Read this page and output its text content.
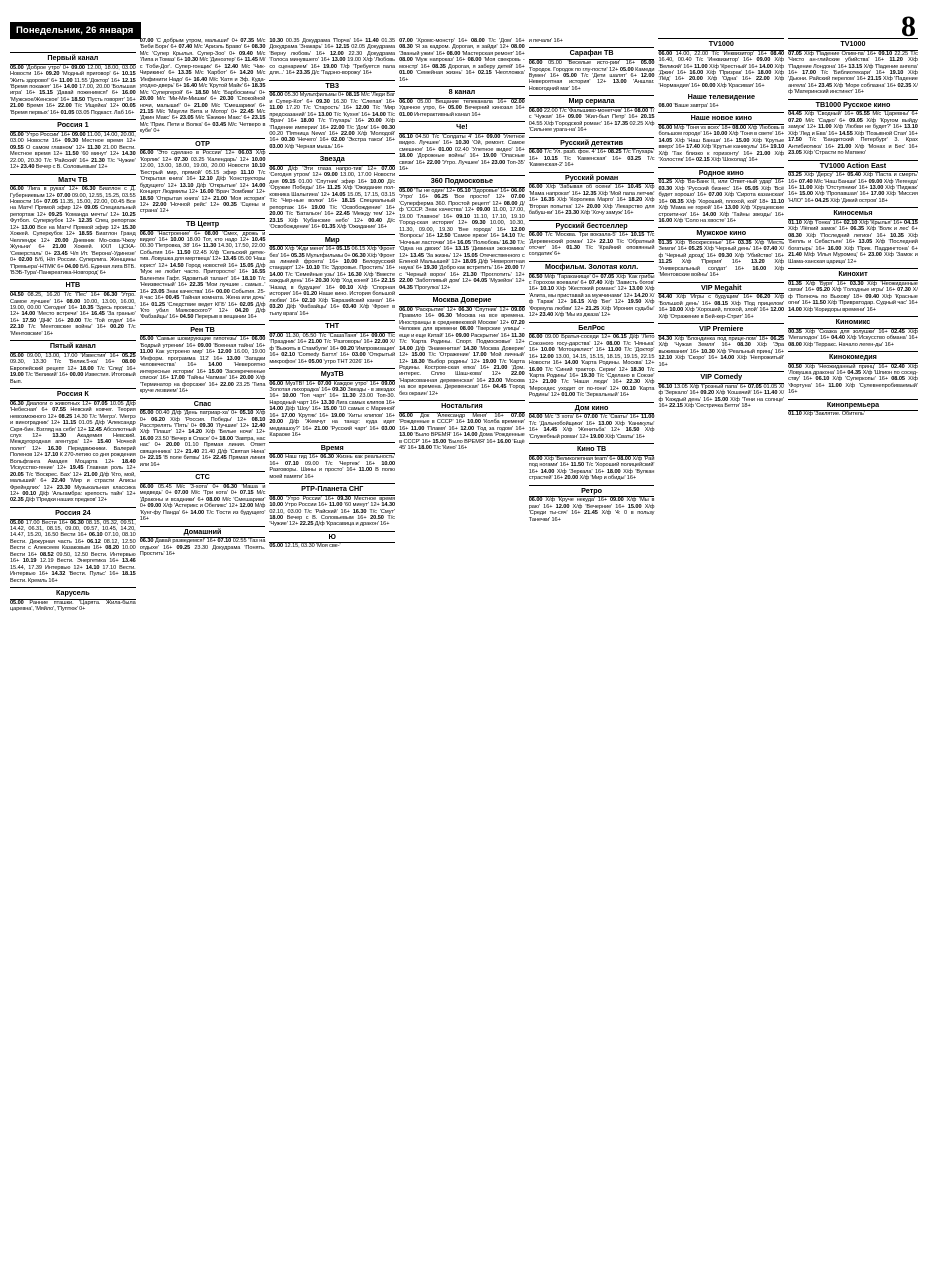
Понедельник, 26 января	8
Первый канал
05.00 'Доброе утро' 0+ 09.00 12.00, 18.00, 03.00 Новости 16+ 09.20 'Модный приговор' 6+ 10.15 'Жить здорово!' 6+ 11.00 11.55 'Доктор' 16+ 12.15 'Время покажет' 16+ 14.00 17.00, 20.00 'Большая игра' 16+ 15.15 'Давай поженимся!' 6+ 16.00 'Мужское/Женское' 16+ 18.50 'Пусть говорят' 16+ 21.00 Время 16+ 22.00 Т/с 'Ищейка' 12+ 00.05 'Время первых' 16+ 01.05 03.05 Подкаст. Лаб 16+
Россия 1
05.00 'Утро России' 16+ 09.00 11.00, 14.00, 20.00, 03.00 Новости 16+ 09.30 Местное время 12+ 09.55 О самом главном' 12+ 11.30 21.00 Вести. Местное время 12+ 11.50 '60 минут' 12+ 14.30 22.00, 20.30 Т/с 'Райский' 16+ 21.30 Т/с 'Чужие' 12+ 23.40 Вечер с В. Соловьевым' 12+
Матч ТВ
06.00 'Лига в руках' 12+ 06.30 Биатлон с Д. Губерниевым 12+ 07.00 09.00, 12.55, 15.25, 03.55 Новости 16+ 07.05 11.35, 15.00, 22.00, 00.45 Все на Матч! Прямой эфир 12+ 09.05 Специальный репортаж 12+ 09.25 'Команда мечты' 12+ 10.25 Футбол. Суперкубок 12+ 12.35 Спец репортаж 12+ 13.00 Все на Матч! Прямой эфир 12+ 15.30 Хоккей. Суперкубок 12+ 18.55 Биатлон Гранд Челлендж 12+ 20.00 Дневник Мо-сква-'Чжоу Жуньни' 6+ 21.00 Хоккей. КХЛ ЦСКА-'Северсталь' 0+ 23.45 Ч/п Ит. 'Верона'-Удинезе' 0+ 02.00 Б/б, Н/п России. Суперлига. Женщины 'Премьера'-НТМК' 6+ 04.00 Б/б. Единая лига ВТБ. 'ВЭБ-Тура'-Панкреатика-Новгород' 6+
НТВ
04.50 08.25, 16.20 Т/с 'Пес' 16+ 06.30 'Утро. Самое лучшее' 16+ 08.00 10.00, 13.00, 16.00, 19.00, 00.00 'Сегодня' 16+ 10.35 'Здесь происш.' 12+ 14.00 'Место встречи' 16+ 16.45 'За гранью' 16+ 17.50 'ДНК' 16+ 20.00 Т/с 'Той отдел' 16+ 22.10 Т/с 'Ментовские войны' 16+ 00.20 Т/с 'Ментовские' 16+
Пятый канал
05.00 09.00, 13.00, 17.00 'Известия' 16+ 05.25 09.30, 13.30 Т/с 'Велик.5-ка' 16+ 08.00 Европейский рецепт 12+ 18.00 Т/с 'След' 16+ 19.00 Т/с 'Великий' 16+ 00.00 Известия. Итоговый Вып.
Россия К
06.30 Диалоги о животных 12+ 07.05 10.05 Д/ф 'Небесная' 6+ 07.55 Невский ковчег. Теория невозможного 12+ 08.25 14.30 Т/с 'Мегрэ'. 'Мегрэ и виноградник' 12+ 11.15 01.05 Д/ф 'Александр Скря-бин. Взгляд на себя' 12+ 12.45 Абсолютный слух 12+ 13.30 Академия Невский. Междугородная агентура' 12+ 15.40 'Ночной полет' 12+ 16.30 Передвижники. Валерий Поленов 12+ 17.10 К 270-летию со дня рождения Вольфганга Амадея Моцарта 12+ 18.40 'Искусство-гение' 12+ 19.45 Главная роль 12+ 20.05 Т/с 'Воскрес. Бах' 12+ 21.00 Д/ф 'Кто, мой, малыший' 6+ 22.40 'Мир и страсти Алисы Фрейндлих' 12+ 23.30 Музыкальная классика 12+ 00.10 Д/ф 'Альгамбра: крепость тайн' 12+ 02.35 Д/ф 'Предки наших предков' 12+
Россия 24
05.00 17.00 Вести 16+ 06.30 08.15, 05.32, 09.51, 14.42, 06.31, 08.15, 09.00, 09.57, 10.45, 14.20, 14.47, 15.20, 16.50 Вести 16+ 06.10 07.10, 08.10 Вести. Дежурная часть 16+ 06.12 08.12, 12.50 Вести с Алексеем Казаковым 16+ 08.20 10.00 Вести 16+ 08.52 09.50, 12.50 Вести. Интервью 16+ 10.19 12.19 Вести. Энергетика 16+ 13.46 15.44, 17.39 Интервью 12+ 14.10 17.10 Вести. Интервью 16+ 14.32 'Вести. Пульс' 16+ 18.15 Вести. Кремль 16+
Карусель
05.00 Ранние пташки. 'Царята. Жила-была царевна', 'Мяйло', 'Пуптюк' 0+
07.00 'С добрым утром, малыши!' 0+ 07.35 М/с 'Беби Борн' 6+ 07.40 М/с 'Ариэль Браво' 6+ 08.30 М/с 'Супер Крылья. Супер-Зоо' 0+ 09.40 М/с 'Липа и Томаз' 6+ 10.30 М/с 'Динозтер' 6+ 11.45 М/с 'Гоби-Дог'. Супер-гонщик' 6+ 12.40 М/с 'Чик-Чирикино' 6+ 13.35 М/с 'Карбот' 6+ 14.20 М/с 'Инфинити Надо' 6+ 16.40 М/с 'Катя и Эф. Куда-угодно-дверь' 6+ 16.40 М/с 'Крутой Майк' 6+ 18.35 М/с 'Супергерой' 6+ 18.50 М/с 'Барбоскины' 0+ 20.00 М/с 'Ми-Ми-Мишки' 6+ 20.30 'Спокойной ночи, малыши!' 0+ 21.00 М/с 'Смешарики' 6+ 21.15 М/с 'Маугли Вита и Мотор' 0+ 22.45 М/с 'Джин Макс' 6+ 23.05 М/с 'Ёжикин Макс' 6+ 23.15 М/с 'Прик. Пети и Волка' 6+ 03.45 М/с 'Четверо в кубе' 0+
ОТР
06.00 'Это сделано в России' 12+ 06.03 Х/ф 'Корлик' 12+ 07.30 03.25 'Календарь' 12+ 10.00 12.00, 13.00, 18.00, 19.00, 20.00 Новости 10.10 'Бестрый мир, прямой' 05.15 эфир 11.10 Т/с 'Открытая книга' 16+ 12.10 Д/ф 'Конструкторы будущего' 12+ 13.10 Д/ф 'Открытые' 12+ 14.00 Концерт Людмилы 12+ 16.00 'Врач 'Зомбики' 12+ 18.50 'Открытая книга' 12+ 21.00 'Моя история' 12+ 22.00 'Ночной рейс' 12+ 00.35 'Сцены и страна' 12+
ТВ Центр
06.00 'Настроение' 6+ 08.00 'Смех, дрожь и видео' 16+ 10.00 18.00 Тот, кто надо 12+ 10.45 00.30 'Петровка, 38' 16+ 11.30 14.30, 17.50, 22.00 События 16+ 11.50 02.45 Х/ф 'Сельский детек-тив. Ловушка для мертвеца' 12+ 13.45 05.00 'Наш юрист' 12+ 14.50 Город новостей 16+ 15.05 Д/ф 'Муж не любит часто. Приторостю' 16+ 16.55 Валентин Гафт. Ядовитый талант' 16+ 18.10 Т/с 'Неизвестный' 16+ 22.35 'Мои лучшие . самых..' 16+ 23.05 Знак качества' 16+ 00.00 События. 25-й час 16+ 00.45 'Тайная комната. Жена или дочь' 16+ 01.25 'Следствие ведет КГБ' 16+ 02.05 Д/ф 'Кто убил Маяковского?' 12+ 04.20 Д/ф 'Фабзайцы' 16+ 04.50 Перерыв в вещании 16+
Рен ТВ
05.00 'Самые шокирующие гипотезы' 16+ 06.00 'Бодрый утрении' 16+ 09.00 'Военная тайна' 16+ 11.00 Как устроено мир' 16+ 12.00 16.00, 19.00 'Информ. программа 112' 16+ 13.00 'Загадки человечества' 16+ 14.00 'Невероятно интересные истории' 16+ 15.00 'Засекреченные списки' 16+ 17.00 'Тайны Чапман' 16+ 20.00 Х/ф 'Терминатор на форсаже' 16+ 22.00 23.25 'Типа круче лезвием' 16+
Спас
05.00 00.40 Д/ф 'День патриар-ха' 0+ 05.10 Х/ф 0+ 06.20 Х/ф 'Россия. Победы' 12+ 08.10 Расстрелять 'Пять' 0+ 09.30 'Лучшие' 12+ 12.40 Х/ф 'Плашт' 12+ 14.20 Х/ф 'Белые ночи' 12+ 16.00 23.50 'Вечер в Спасе' 0+ 18.00 'Завтра, нас нас' 0+ 20.00 01.10 Прямая линия. Ответ священника' 12+ 21.40 21.40 Д/ф 'Святая Нина' 0+ 22.15 'В поле битвы' 16+ 22.45 Прямая линия или 16+
СТС
06.00 05.45 М/с 'З-хота' 0+ 06.30 'Маша и медведь' 0+ 07.00 М/с 'Три кота' 0+ 07.15 М/с 'Драконы и всадники' 6+ 08.00 М/с 'Смешарики' 0+ 09.00 Х/ф 'Астерикс и Обеликс' 12+ 12.00 М/ф 'Кунг-фу Панда' 6+ 14.00 Т/с 'Гости из будущего' 16+
Домашний
06.30 Давай разведемся!' 16+ 07.10 02.55 'Таз на отдыхе' 16+ 09.25 23.30 Докудрама 'Понять. Простить' 16+
10.30 00.35 Докудрама 'Порча' 16+ 11.40 01.35 Докудрама 'Знакарь' 16+ 12.15 02.05 Докудрама 'Верну любовь' 16+ 12.00 22.30 Докудрама 'Голоса минувшего' 16+ 13.00 19.00 Х/ф 'Любовь со сценарием' 16+ 19.00 Т/ф 'Требуется пала для...' 16+ 23.35 Д/с 'Тадэно-ворожу' 16+
ТВ3
06.00 05.30 Мультфильмы 0+ 08.15 М/с 'Леди Баг и Супер-Кот' 6+ 09.30 16.30 Т/с 'Слепая' 16+ 11.00 17.20 Т/с 'Старость' 16+ 12.00 Т/с 'Мир предсказаний' 16+ 13.00 Т/с 'Кухня' 16+ 14.00 Т/с 'Врач' 16+ 18.00 Т/с 'Глухарь' 16+ 20.00 Х/ф 'Падение империи' 16+ 22.00 Т/с 'Дом' 16+ 00.30 00.20 'Пятница News' 16+ 22.00 Х/ф 'Молодой' 16+ 00.30 'Нечего' 16+ 02.00 'Экстра такси' 16+ 03.00 Х/ф 'Черная мышь' 16+
Звезда
06.00 Д/ф 'Эти глаза напро-тив' 12+ 07.00 'Сегодня утром' 12+ 09.00 13.00, 17.00 Новости дня 09.15 01.00 'Спутник' эфир 16+ 10.00 Д/с 'Оружие Победы' 16+ 11.25 Х/ф 'Ожидание пол-ковника Шалыгина' 12+ 14.05 15.05, 17.15, 03.15 Т/с 'Чер-ные волки' 16+ 18.15 Специальный репортаж 16+ 19.00 Т/с 'Освобождение' 16+ 20.00 Т/с 'Батальон' 16+ 22.45 'Между тем' 12+ 23.15 Х/ф 'Кубанские небо' 12+ 00.40 Д/с 'Освобождение' 16+ 01.35 Х/ф 'Ожидание' 16+
Мир
05.00 Х/ф 'Жди меня' 16+ 05.15 06.15 Х/ф 'Фронт без' 16+ 05.35 Мультфильмы 0+ 06.30 Х/ф 'Фронт за линией фронта' 16+ 10.00 Белорусский стандарт' 12+ 10.10 Т/с 'Здоровье. Простить' 16+ 14.00 Т/с 'Семейные узы' 16+ 16.30 Х/ф 'Вместе каждый день' 16+ 20.30 Х/ф 'Ход коней' 16+ 22.15 'Назад в будущее' 16+ 00.10 Х/ф 'Спорная история' 16+ 01.20 Наше кино. История большой любви' 16+ 02.10 Х/ф 'Евразийский канал' 16+ 03.20 Д/ф 'Фабзайцы' 16+ 03.40 Х/ф 'Фронт в тылу врага' 16+
ТНТ
07.00 11.30, 05.50 Т/с 'СашаТаня' 16+ 09.00 Т/с 'Праздник' 16+ 21.00 Т/с 'Разговоры' 16+ 22.00 Х/ф 'Выжить в Стамбуле' 16+ 00.20 'Импровизация' 16+ 02.10 'Comedy Баттл' 16+ 03.00 'Открытый микрофон' 16+ 05.00 'утро ТНТ 2026' 16+
МузТВ
06.00 МузТВ! 16+ 07.00 Каждое утро' 16+ 09.00 Золотая лихорадка' 16+ 09.30 Звезды - в звездах 16+ 10.00 'Топ чарт' 16+ 11.30 23.00 Топ-30. Народный чарт 16+ 13.30 Лига самых клипов 16+ 14.00 Д/ф 'Шоу' 16+ 15.00 '10 самых с Мариной' 16+ 17.00 'Крутяк' 16+ 19.00 'Хиты клипов' 16+ 20.00 Д/ф 'Жемчуг на танцу: куда идет медиашоу?' 16+ 21.00 'Русский чарт' 16+ 03.00 Караоке 16+
Время
06.00 Наш гид 16+ 06.30 Жизнь как реальность' 16+ 07.10 09.00 Т/с 'Чертеж' 16+ 10.00 Разговоры. Шины и просто' 16+ 11.00 В полю моей памяти' 16+
РТР-Планета СНГ
08.00 'Утро России' 16+ 09.30 Местное время 10.00 Утро России 16+ 11.00 '60 минут' 12+ 14.30 02.10, 03.00 Т/с 'Райский' 16+ 16.30 Т/с 'Смут' 18.00 Вечер с В. Соловьевым 16+ 20.50 Т/с 'Чужие' 12+ 22.25 Д/ф 'Красавица и дракон' 16+
Ю
05.00 12.15, 03.30 'Моя све-'
07.00 'Хромс-монстр' 16+ 08.00 Т/с 'Дом' 16+ 08.30 'Я за кадром. Дорогая, я зайди' 12+ 08.00 'Званый ужин' 16+ 08.00 'Мастерская ремонт' 16+ 08.00 'Муж напроказ' 16+ 08.00 'Моя свекровь - монстр' 16+ 08.35 Дорогая, я заберу детей' 16+ 01.00 'Семейная жизнь' 16+ 02.15 'Неотложка' 16+
8 канал
06.00 05.00 Вещание телеканала 16+ 02.00 Удачное утро, 6+ 05.00 Вечерний кинозал 16+ 01.00 Интерактивный канал 16+
Че!
06.10 04.50 Т/с 'Солдаты 4' 16+ 09.00 'Улетное видео. Лучшее' 16+ 10.30 'Ой, ремонт. Самое смешное' 16+ 01.00 02.40 'Улетное видео' 16+ 18.00 'Дорожные войны' 16+ 19.00 'Опасные связи' 16+ 22.00 'Утро. Лучшее' 16+ 23.00 Топ-35' 16+
360 Подмосковье
05.00 'Ты не один' 12+ 05.10 'Здоровье' 16+ 06.00 'Утро' 16+ 06.25 'Все просто!' 12+ 07.00 'Суперферма 360. Простой рецепт' 12+ 08.00 Д/ф 'СССР. Знак качества' 12+ 09.00 11.00, 17.00, 19.00 'Главное' 16+ 09.10 11.10, 17.10, 19.10 'Город-ская история' 12+ 09.30 10.00, 10.30, 11.30, 09.00, 19.30 'Вне города' 16+ 12.00 'Вопросы' 16+ 12.50 'Самое яркое' 16+ 14.10 Т/с 'Ночные ласточки' 16+ 16.05 'Полюбовь' 16.30 Т/с 'Одна на двоих' 16+ 13.15 'Дивиная экономика' 12+ 13.45 'За жизнь' 12+ 15.05 Отечественного с Еленой Мальышей' 12+ 18.05 Д/ф 'Невероятная наука' 6+ 19.30 'Добро как встретить' 16+ 20.00 Т/с 'Черный ворон' 16+ 21.30 'Проглотить' 12+ 22.00 'Заботливый дом' 12+ 04.05 'Музейон' 12+ 04.35 'Прогулка' 12+
Москва Доверие
06.00 'Раскрытие' 12+ 06.30 'Спутник' 12+ 09.00 Правило 16+ 06.30 'Москва на все времена. Иностранцы в средневековой Москве' 12+ 07.20 Человек для времени 08.00 'Тверские улицы' - еще и еще Китай' 16+ 09.00 Раскрытие' 16+ 11.30 Т/с 'Карта Родины. Спорт. Подмосковье' 12+ 14.00 Д/ф 'Знаменитая' 14.30 'Москва Доверие' 12+ 15.00 Т/с 'Отражение' 17.00 'Мой личный' 12+ 18.30 'Выбор родины' 12+ 19.00 Т/с 'Карта Родины. Костром-ская епка' 16+ 21.00 'Дом. интерес. Сплю Шаш-кова' 12+ 22.00 'Нарисованная деревенская' 16+ 23.00 'Москва на все времена. Деревенская' 16+ 04.45 'Город без окраин' 12+
Ностальгия
06.00 Док 'Александр Меня' 16+ 07.00 'Рожденные в СССР' 16+ 10.00 'Колба времени' 16+ 11.00 'Пламя' 16+ 12.00 'Год за годом' 16+ 13.00 'Было ВРЕМЯ' 16+ 14.00 Дома 'Рожденные в СССР' 16+ 15.00 'Было ВРЕМЯ' 16+ 16.00 'Ещё 45' 16+ 18.00 Т/с 'Кино' 16+
и печали' 16+
Сарафан ТВ
06.00 05.00 'Веселые исто-рии' 16+ 05.00 'Городок. Городок по глу-пости' 12+ 05.00 Камеди Вумен' 16+ 05.00 Т/с 'Дети шалят' 6+ 12.00 Невероятная история' 12+ 13.00 'Аншлаг. Новогодний маг' 16+
Мир сериала
06.00 22.00 Т/с 'Фальшиво-монетчик' 16+ 08.00 Т/с 'Чужая' 16+ 09.00 'Жил-был Петр' 16+ 20.15 04.55 Х/ф 'Городской роман:' 16+ 17.35 02.25 Х/ф 'Сильнее урага-на' 16+
Русский детектив
06.00 Т/с 'Ул. разб. фон. 4' 16+ 08.25 Т/с 'Глухарь' 16+ 10.15 Т/с 'Каменская' 16+ 03.25 Т/с 'Каменская-2' 16+
Русский роман
06.00 Х/ф 'Забывая об осени' 16+ 10.45 Х/ф 'Мама напрокат' 16+ 12.35 Х/ф 'Мой папа летчик' 16+ 16.35 Х/ф 'Королева Марго' 16+ 18.20 Х/ф 'Вторая попытка' 12+ 20.00 Х/ф 'Лекарство для бабуш-ки' 16+ 23.30 Х/ф 'Хочу замуж' 16+
Русский бестселлер
06.00 Т/с 'Москва. Три вокзала-5' 16+ 10.15 Т/с 'Деревенский роман' 12+ 22.10 Т/с 'Обратный отсчет' 16+ 01.30 Т/с 'Крайний оповянный солдатик' 6+
Мосфильм. Золотая колл.
06.50 М/ф 'Тараканище' 0+ 07.05 Х/ф 'Как грибы с Горохом воевали' 6+ 07.40 Х/ф 'Зависть богов' 16+ 10.10 Х/ф 'Жестокий романс' 12+ 13.00 Х/ф 'Алита, мы приставай за мужчинами' 12+ 14.20 Х/ф 'Гараж' 12+ 16.15 Х/ф 'Бег' 12+ 19.50 Х/ф 'Формула любви' 12+ 21.25 Х/ф 'Ирония судьбы' 12+ 23.40 Х/ф 'Мы из джаза' 12+
БелРос
06.00 09.00 Братья-соседи 12+ 06.15 Д/ф 'Лето Союзного госу-дарства' 12+ 08.00 Т/с 'Нянька' 16+ 10.00 'Мотоциклист' 16+ 11.00 Т/с 'Доктор' 16+ 12.00 13.00, 14.15, 15.15, 18.15, 19.15, 22.15 Новости 16+ 14.00 'Карта Родины. Москва' 12+ 16.00 Т/с 'Синий трактор. Серии' 12+ 18.30 Т/с 'Карта Родины' 16+ 19.30 Т/с 'Сделано в Союзе' 12+ 21.00 Т/с 'Наши люди' 16+ 22.30 Х/ф 'Мерседес уходит от по-гони' 12+ 00.10 'Карта Родины' 12+ 01.00 Т/с 'Зеркальный' 16+
Дом кино
04.00 М/с 'З хота' 6+ 07.00 Т/с 'Сваты' 16+ 11.00 Т/с 'Дальнобойщики' 16+ 13.00 Х/ф 'Каникулы' 16+ 14.45 Х/ф 'Женитьба' 12+ 16.50 Х/ф 'Служебный роман' 12+ 19.00 Х/ф 'Сваты' 16+
Кино ТВ
06.00 Х/ф 'Великолепная team' 6+ 08.00 Х/ф 'Рай под ногами' 16+ 11.50 Т/с 'Хороший полицейский' 16+ 14.00 Х/ф 'Зеркала' 16+ 18.00 Х/ф 'Вулкан страстей' 16+ 20.00 Х/ф 'Мир и обиды' 16+
Ретро
06.00 Х/ф 'Круче некуда' 16+ 09.00 Х/ф 'Мы в раю' 16+ 12.00 Х/ф 'Вечерние' 16+ 15.00 Х/ф 'Среди ты-сяч' 16+ 21.45 Х/ф '4: 0 в пользу Танечки' 16+
TV1000
06.00 14.00, 22.00 Т/с 'Инквизитор' 16+ 08.40 16.40, 00.40 Т/с 'Инквизитор' 16+ 09.00 Х/ф 'Великий' 16+ 11.00 Х/ф 'Крестный' 16+ 14.00 Х/ф 'Джин' 16+ 16.00 Х/ф 'Призрак' 16+ 18.00 Х/ф 'Лёд' 16+ 20.00 Х/ф 'Одна' 16+ 22.00 Х/ф 'Нормандия' 16+ 00.00 Х/ф 'Красивая' 16+
Наше телевидение
08.00 'Ваше завтра' 16+
Наше новое кино
06.00 М/ф 'Тоня vs всех' 18+ 08.00 Х/ф 'Любовь в большом городе' 16+ 10.00 Х/ф 'Тоня в свете' 16+ 14.05 Х/ф 'Наш Банши' 16+ 15.00 Х/ф 'Крутые вверх' 16+ 17.40 Х/ф 'Крутые каникулы' 16+ 19.10 Х/ф 'Так близко к горизонту' 16+ 21.00 Х/ф 'Холостяк' 16+ 02.15 Х/ф 'Шоколад' 16+
Родное кино
01.25 Х/ф 'Ва-Банк II, или Ответ-ный удар' 16+ 03.30 Х/ф 'Русский бизнес' 16+ 05.05 Х/ф 'Всё будет хорошо' 16+ 07.00 Х/ф 'Сирота казанская' 16+ 08.35 Х/ф 'Хороший, плохой, кой' 18+ 11.10 Х/ф 'Мама не горюй' 16+ 13.00 Х/ф 'Хрущевские строити-ки' 16+ 14.00 Х/ф 'Тайны звезды' 16+ 16.00 Х/ф 'Соло на хвосте' 16+
Мужское кино
01.35 Х/ф 'Воскресенье' 16+ 03.35 Х/ф 'Месть Земли' 16+ 05.25 Х/ф 'Черный день' 16+ 07.40 Х/ф 'Черный дрозд' 16+ 09.30 Х/ф 'Убийство' 16+ 11.25 Х/ф 'Прерия' 16+ 13.20 Х/ф 'Универсальный солдат' 16+ 16.00 Х/ф 'Ментовские войны' 16+
VIP Megahit
04.40 Х/ф 'Игры с будущим' 16+ 06.20 Х/ф 'Большой день' 16+ 08.15 Х/ф 'Под прицелом' 16+ 10.00 Х/ф 'Хороший, плохой, злой' 16+ 12.00 Х/ф 'Отражение в Бей-кер-Стрит' 16+
VIP Premiere
04.30 Х/ф 'Блондинка под прице-лом' 18+ 06.25 Х/ф 'Чужая Земля' 16+ 08.30 Х/ф 'Эра выживания' 16+ 10.30 Х/ф 'Реальный принц' 16+ 12.10 Х/ф 'Скоро' 16+ 14.00 Х/ф 'Непрожитый' 16+
VIP Comedy
06.10 13.05 Х/ф 'Грозный папа' 6+ 07.05 01.05 Х/ф 'Зеркало' 16+ 09.20 Х/ф 'Кошачий' 16+ 11.40 Х/ф 'Каждый день' 16+ 15.00 Х/ф 'Тени на солнце' 16+ 22.15 Х/ф 'Сестричка Бетти' 18+
TV1000
07.05 Х/ф 'Падение Олим-па' 16+ 09.10 22.25 Т/с 'Чисто ан-глийские убийства' 16+ 11.20 Х/ф 'Падение Лондона' 16+ 13.15 Х/ф 'Падение ангела' 16+ 17.00 Т/с 'Библиотекари' 16+ 19.10 Х/ф 'Дьюни. Райский перелом' 16+ 21.15 Х/ф 'Падение ангела' 16+ 23.45 Х/ф 'Море соблазна' 16+ 02.35 Х/ф 'Материнский инстинкт' 16+
TB1000 Русское кино
04.45 Х/ф 'Сводный' 16+ 05.55 М/с 'Царевны' 6+ 07.20 М/с 'Садко' 6+ 09.05 Х/ф 'Кругом выйду замуж' 12+ 11.00 Х/ф 'Любви не будет?' 16+ 13.10 Х/ф 'Лед и Ева' 16+ 14.55 Х/ф 'Позывной Стая' 16+ 17.50 Т/с 'Бандитский Петербург' 3. Крах Антибиотика' 16+ 21.00 Х/ф 'Монах и Бес' 16+ 23.05 Х/ф 'Страсти по Матвею'
TV1000 Action East
03.25 Х/ф 'Дерсу' 16+ 05.40 Х/ф 'Паста и смерть' 16+ 07.40 М/с 'Наш Банши' 16+ 09.00 Х/ф 'Легенда' 16+ 11.00 Х/ф 'Отступники' 16+ 13.00 Х/ф 'Пиджак' 16+ 15.00 Х/ф 'Пропавшая' 16+ 17.00 Х/ф 'Миссия 'НЛО'' 16+ 04.25 Х/ф 'Дикий остров' 18+
Киносемья
01.10 Х/ф 'Гонка' 16+ 02.10 Х/ф 'Крылья' 16+ 04.15 Х/ф 'Лёгкий замок' 16+ 06.35 Х/ф 'Волк и лес' 6+ 08.30 Х/ф 'Последний легион' 16+ 10.35 Х/ф 'Белль и Себастьян' 16+ 13.05 Х/ф 'Последний богатырь' 16+ 16.00 Х/ф 'Прик. Паддингтона' 6+ 21.40 М/ф 'Илья Муромец' 6+ 23.00 Х/ф 'Замок и Шама-ханская царица' 12+
Кинохит
01.35 Х/ф 'Буря' 16+ 03.30 Х/ф 'Неожиданные связи' 16+ 05.20 Х/ф 'Голодные игры' 16+ 07.30 Х/ф 'Полночь по Выхову' 18+ 09.40 Х/ф 'Красные огни' 16+ 11.50 Х/ф 'Привратодар. Судный час' 16+ 14.00 Х/ф 'Коридоры времени' 16+
Киномикс
00.35 Х/ф 'Сказка для золушки' 16+ 02.45 Х/ф 'Мегалодон' 16+ 04.40 Х/ф 'Искусство обмана' 16+ 08.00 Х/ф 'Терракс. Начало леген-ды' 16+
Кинокомедия
00.50 Х/ф 'Неожиданный принц' 16+ 02.40 Х/ф 'Ловушка дракона' 16+ 04.35 Х/ф 'Шпион по сосед-ству' 16+ 06.10 Х/ф 'Суперкопы' 16+ 08.05 Х/ф 'Фортуна' 16+ 11.00 Х/ф 'Сулевнепробиваемый' 16+
Кинопремьера
01.10 Х/ф 'Заклятие. Обитель'
